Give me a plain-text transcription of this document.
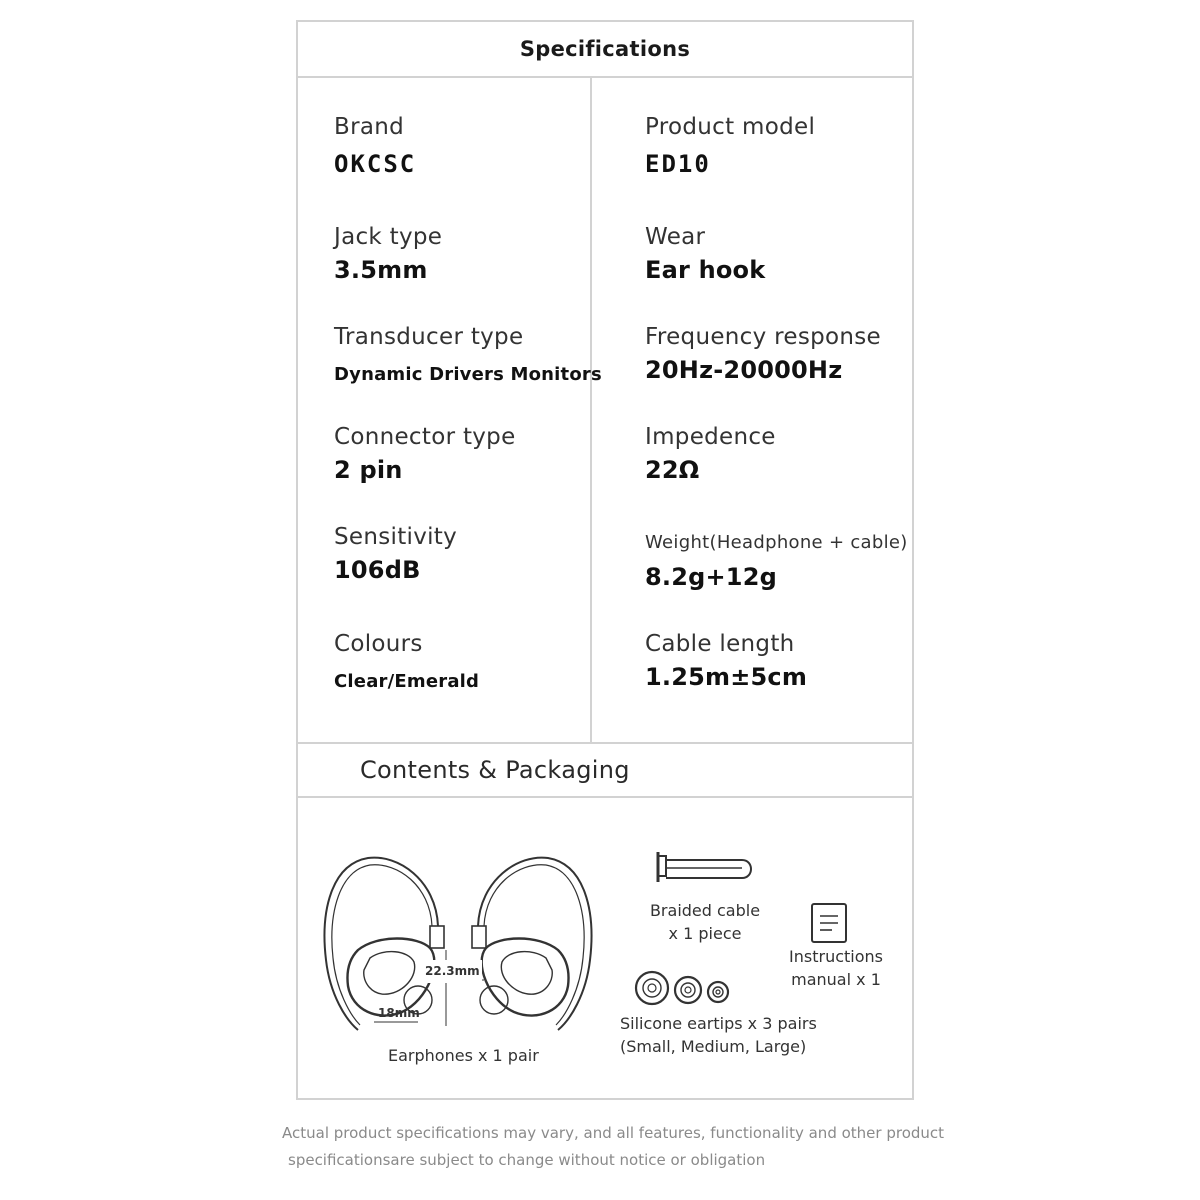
Specifications
Brand
OKCSC
Jack type
3.5mm
Transducer type
Dynamic Drivers Monitors
Connector type
2 pin
Sensitivity
106dB
Colours
Clear/Emerald
Product model
ED10
Wear
Ear hook
Frequency response
20Hz-20000Hz
Impedence
22Ω
Weight(Headphone + cable)
8.2g+12g
Cable length
1.25m±5cm
Contents & Packaging
22.3mm
18mm
Earphones x 1 pair
Braided cable
x 1 piece
Instructions
manual x 1
Silicone eartips x 3 pairs
(Small, Medium, Large)
Actual product specifications may vary, and all features, functionality and other product
specificationsare subject to change without notice or obligation
